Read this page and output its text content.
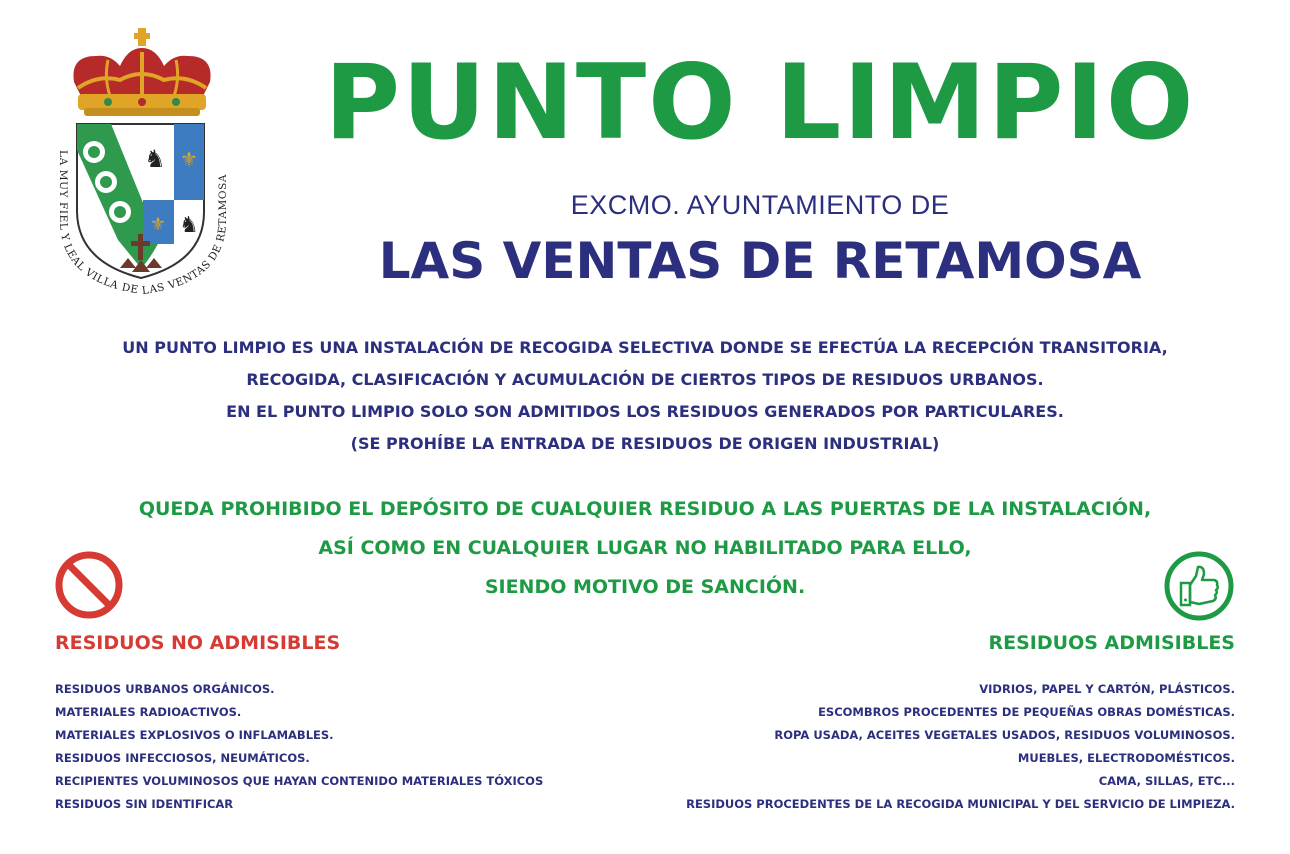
⚜
♞
⚜ ♞
LA MUY FIEL Y LEAL VILLA DE LAS VENTAS DE RETAMOSA
PUNTO LIMPIO
EXCMO. AYUNTAMIENTO DE
LAS VENTAS DE RETAMOSA
UN PUNTO LIMPIO ES UNA INSTALACIÓN DE RECOGIDA SELECTIVA DONDE SE EFECTÚA LA RECEPCIÓN TRANSITORIA,
RECOGIDA, CLASIFICACIÓN Y ACUMULACIÓN DE CIERTOS TIPOS DE RESIDUOS URBANOS.
EN EL PUNTO LIMPIO SOLO SON ADMITIDOS LOS RESIDUOS GENERADOS POR PARTICULARES.
(SE PROHÍBE LA ENTRADA DE RESIDUOS DE ORIGEN INDUSTRIAL)
QUEDA PROHIBIDO EL DEPÓSITO DE CUALQUIER RESIDUO A LAS PUERTAS DE LA INSTALACIÓN,
ASÍ COMO EN CUALQUIER LUGAR NO HABILITADO PARA ELLO,
SIENDO MOTIVO DE SANCIÓN.
RESIDUOS NO ADMISIBLES	RESIDUOS ADMISIBLES
RESIDUOS URBANOS ORGÁNICOS.
MATERIALES RADIOACTIVOS.
MATERIALES EXPLOSIVOS O INFLAMABLES.
RESIDUOS INFECCIOSOS, NEUMÁTICOS.
RECIPIENTES VOLUMINOSOS QUE HAYAN CONTENIDO MATERIALES TÓXICOS
RESIDUOS SIN IDENTIFICAR
VIDRIOS, PAPEL Y CARTÓN, PLÁSTICOS.
ESCOMBROS PROCEDENTES DE PEQUEÑAS OBRAS DOMÉSTICAS.
ROPA USADA, ACEITES VEGETALES USADOS, RESIDUOS VOLUMINOSOS.
MUEBLES, ELECTRODOMÉSTICOS.
CAMA, SILLAS, ETC...
RESIDUOS PROCEDENTES DE LA RECOGIDA MUNICIPAL Y DEL SERVICIO DE LIMPIEZA.
